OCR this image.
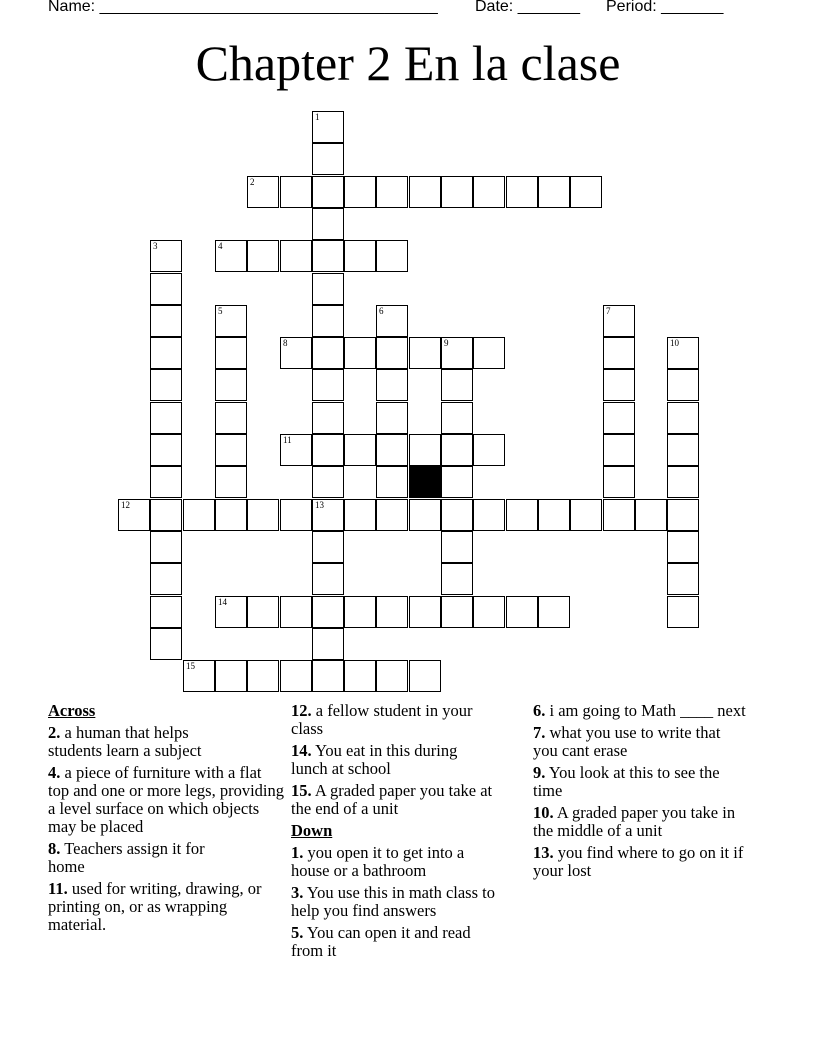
Name: ______________________________________ Date: _______ Period: _______
Chapter 2 En la clase
1
13
2
3	4
5	6	7
8	9	10
11
12
14
15
Across
2. a human that helps students learn a subject
4. a piece of furniture with a flat top and one or more legs, providing a level surface on which objects may be placed
8. Teachers assign it for home
11. used for writing, drawing, or printing on, or as wrapping material.
12. a fellow student in your class
14. You eat in this during lunch at school
15. A graded paper you take at the end of a unit
Down
1. you open it to get into a house or a bathroom
3. You use this in math class to help you find answers
5. You can open it and read from it
6. i am going to Math ____ next
7. what you use to write that you cant erase
9. You look at this to see the time
10. A graded paper you take in the middle of a unit
13. you find where to go on it if your lost
